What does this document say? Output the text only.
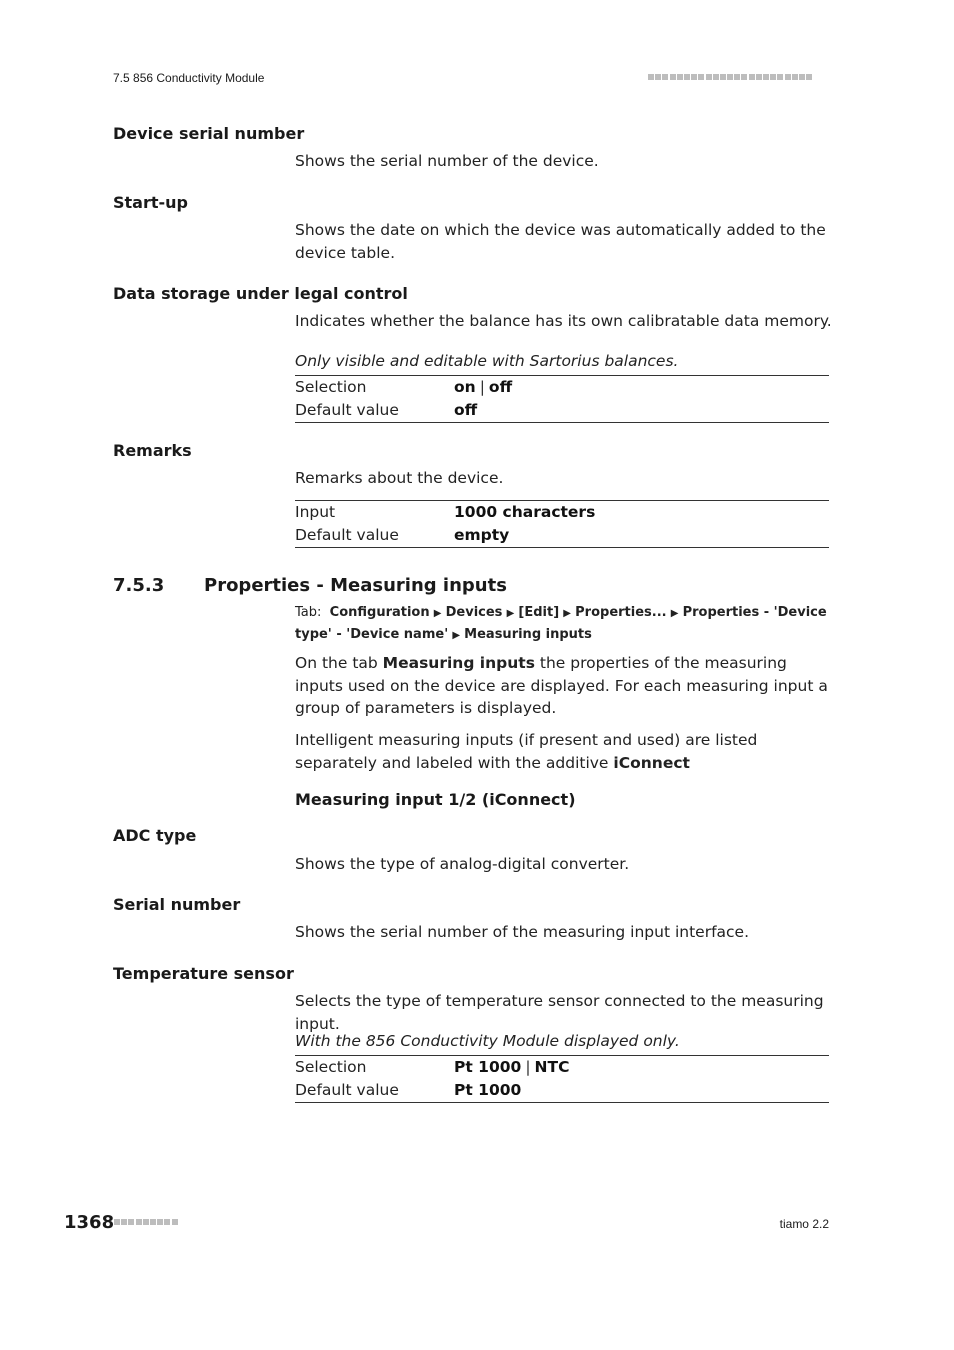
7.5 856 Conductivity Module
Device serial number
Shows the serial number of the device.
Start-up
Shows the date on which the device was automatically added to the device table.
Data storage under legal control
Indicates whether the balance has its own calibratable data memory.
Only visible and editable with Sartorius balances.
Selection	on | off
Default value	off
Remarks
Remarks about the device.
Input	1000 characters
Default value	empty
7.5.3 Properties - Measuring inputs
Tab: Configuration ▶ Devices ▶ [Edit] ▶ Properties... ▶ Properties - 'Device type' - 'Device name' ▶ Measuring inputs
On the tab Measuring inputs the properties of the measuring inputs used on the device are displayed. For each measuring input a group of parameters is displayed.
Intelligent measuring inputs (if present and used) are listed separately and labeled with the additive iConnect
Measuring input 1/2 (iConnect)
ADC type
Shows the type of analog-digital converter.
Serial number
Shows the serial number of the measuring input interface.
Temperature sensor
Selects the type of temperature sensor connected to the measuring input.
With the 856 Conductivity Module displayed only.
Selection	Pt 1000 | NTC
Default value	Pt 1000
1368	tiamo 2.2
